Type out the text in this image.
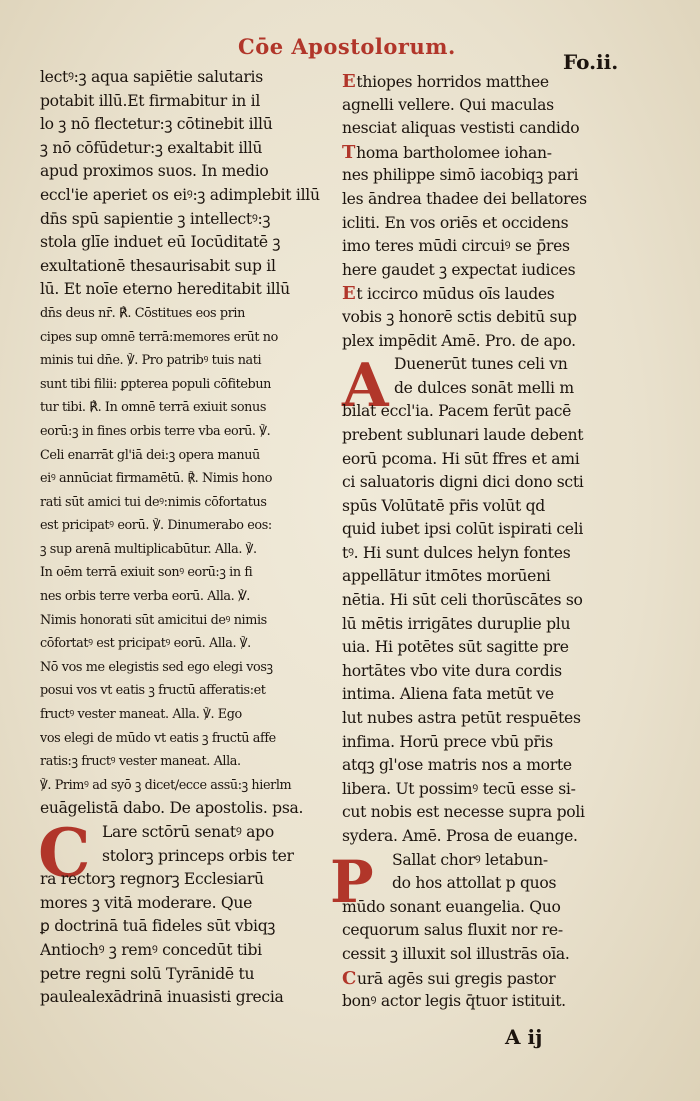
Cōe Apostolorum.
Fo.ii.
C
A
P
lectꝰ:ꝫ aqua sapiētie salutaris
potabit illū.Et firmabitur in il
lo ꝫ nō flectetur:ꝫ cōtinebit illū
ꝫ nō cōfūdetur:ꝫ exaltabit illū
apud proximos suos. In medio
eccl'ie aperiet os eiꝰ:ꝫ adimplebit illū
dn̄s spū sapientie ꝫ intellectꝰ:ꝫ
stola glīe induet eū Iocūditatē ꝫ
exultationē thesaurisabit sup il
lū. Et noīe eterno hereditabit illū
dn̄s deus nr̄. ℟. Cōstitues eos prin
cipes sup omnē terrā:memores erūt no
minis tui dn̄e. ℣. Pro patribꝰ tuis nati
sunt tibi filii: ꝑpterea populi cōfitebun
tur tibi. ℟. In omnē terrā exiuit sonus
eorū:ꝫ in fines orbis terre vba eorū. ℣.
Celi enarrāt gl'iā dei:ꝫ opera manuū
eiꝰ annūciat firmamētū. ℟. Nimis hono
rati sūt amici tui deꝰ:nimis cōfortatus
est pricipatꝰ eorū. ℣. Dinumerabo eos:
ꝫ sup arenā multiplicabūtur. Alla. ℣.
In oēm terrā exiuit sonꝰ eorū:ꝫ in fi
nes orbis terre verba eorū. Alla. ℣.
Nimis honorati sūt amicitui deꝰ nimis
cōfortatꝰ est pricipatꝰ eorū. Alla. ℣.
Nō vos me elegistis sed ego elegi vosꝫ
posui vos vt eatis ꝫ fructū afferatis:et
fructꝰ vester maneat. Alla. ℣. Ego
vos elegi de mūdo vt eatis ꝫ fructū affe
ratis:ꝫ fructꝰ vester maneat. Alla.
℣. Primꝰ ad syō ꝫ dicet/ecce assū:ꝫ hierlm
euāgelistā dabo. De apostolis. psa.
Lare sctōrū senatꝰ apo
stolorꝫ princeps orbis ter
ra rectorꝫ regnorꝫ Ecclesiarū
mores ꝫ vitā moderare. Que
ꝑ doctrinā tuā fideles sūt vbiqꝫ
Antiochꝰ ꝫ remꝰ concedūt tibi
petre regni solū Tyrānidē tu
paulealexādrinā inuasisti grecia
Ethiopes horridos matthee
agnelli vellere. Qui maculas
nesciat aliquas vestisti candido
Thoma bartholomee iohan-
nes philippe simō iacobiqꝫ pari
les āndrea thadee dei bellatores
icliti. En vos oriēs et occidens
imo teres mūdi circuiꝰ se p̄res
here gaudet ꝫ expectat iudices
Et iccirco mūdus oīs laudes
vobis ꝫ honorē sctis debitū sup
plex impēdit Amē. Pro. de apo.
Duenerūt tunes celi vn
de dulces sonāt melli m
bilat eccl'ia. Pacem ferūt pacē
prebent sublunari laude debent
eorū pcoma. Hi sūt ffres et ami
ci saluatoris digni dici dono scti
spūs Volūtatē pr̄is volūt qd
quid iubet ipsi colūt ispirati celi
tꝰ. Hi sunt dulces helyn fontes
appellātur itmōtes morūeni
nētia. Hi sūt celi thorūscātes so
lū mētis irrigātes duruplie plu
uia. Hi potētes sūt sagitte pre
hortātes vbo vite dura cordis
intima. Aliena fata metūt ve
lut nubes astra petūt respuētes
infima. Horū prece vbū pr̄is
atqꝫ gl'ose matris nos a morte
libera. Ut possimꝰ tecū esse si-
cut nobis est necesse supra poli
sydera. Amē. Prosa de euange.
Sallat chorꝰ letabun-
do hos attollat p quos
mūdo sonant euangelia. Quo
cequorum salus fluxit nor re-
cessit ꝫ illuxit sol illustrās oīa.
Curā agēs sui gregis pastor
bonꝰ actor legis q̄tuor istituit.
A ij
